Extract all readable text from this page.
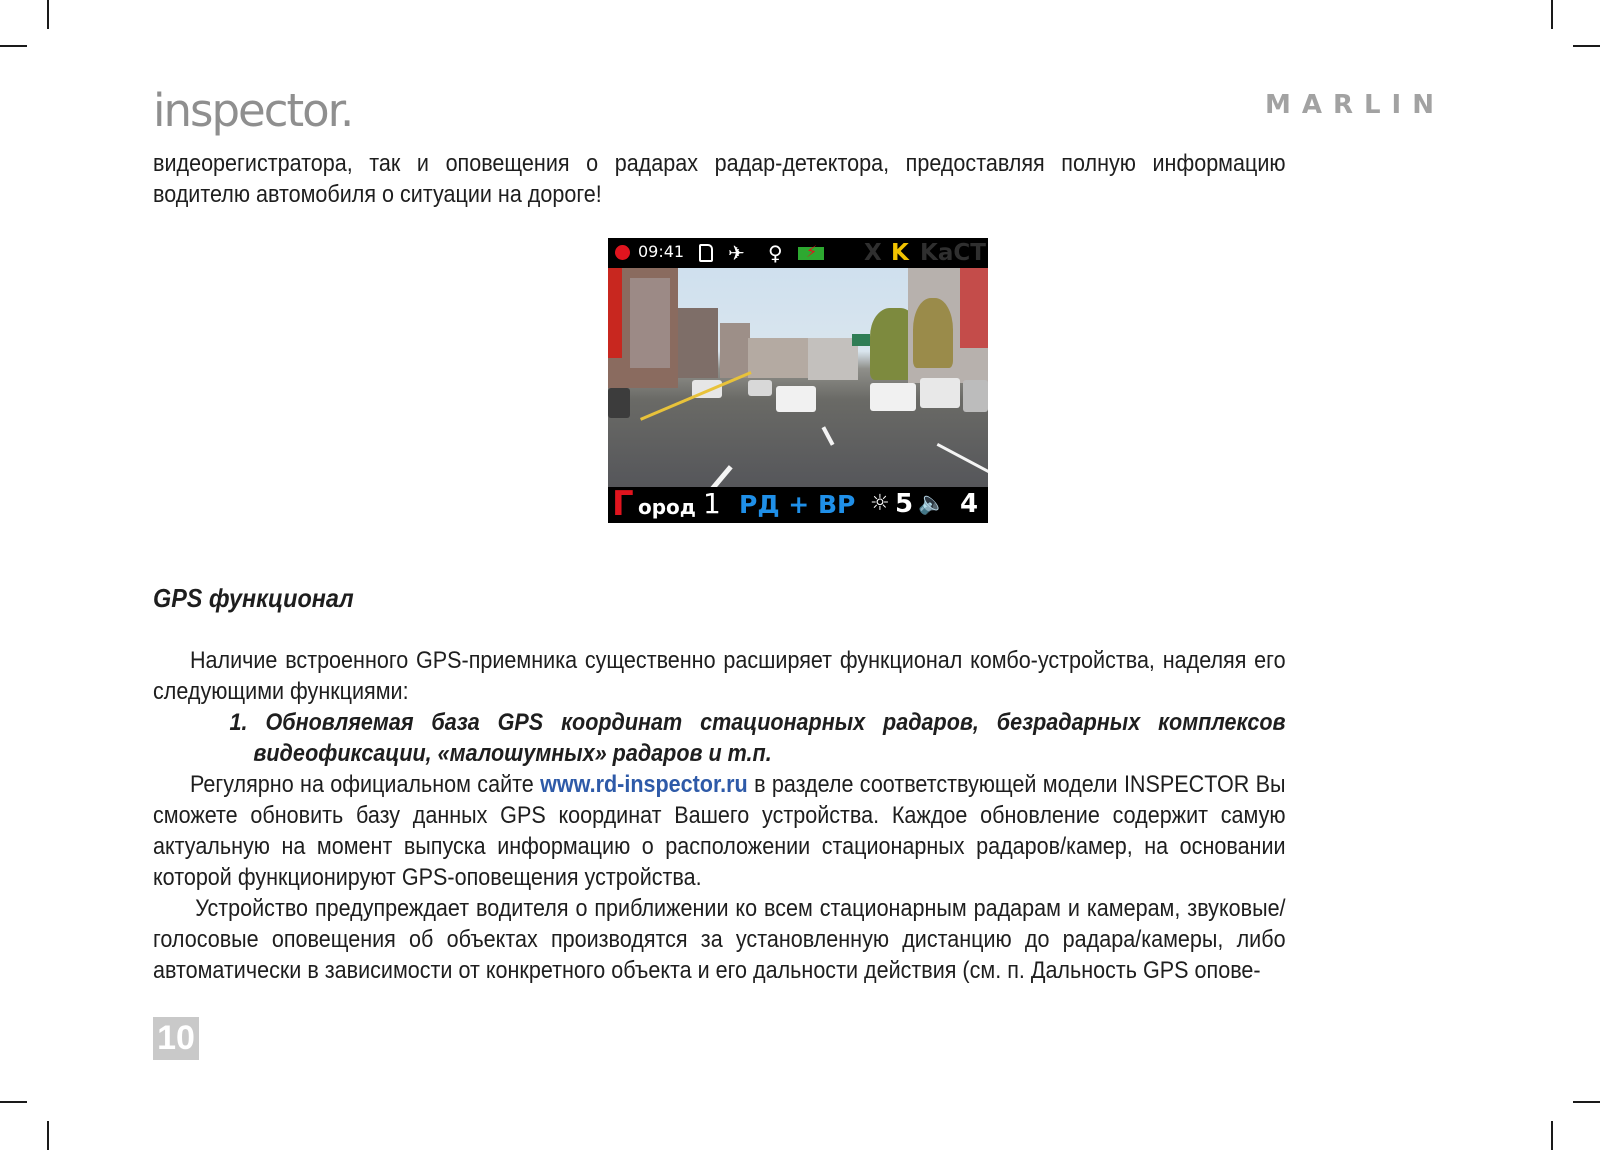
inspector.	MARLIN

видеорегистратора, так и оповещения о радарах радар-детектора, предоставляя полную информацию водителю автомобиля о ситуации на дороге!

09:41 ✈ ♀ ⚡ X K KaCT
Г ород 1 РД + ВР ☼ 5 🔈 4
GPS функционал

Наличие встроенного GPS-приемника существенно расширяет функционал комбо-устройства, наделяя его следующими функциями:

1. Обновляемая база GPS координат стационарных радаров, безрадарных комплексов видеофиксации, «малошумных» радаров и т.п.

Регулярно на официальном сайте www.rd-inspector.ru в разделе соответствующей модели INSPECTOR Вы сможете обновить базу данных GPS координат Вашего устройства. Каждое обновление содержит самую актуальную на момент выпуска информацию о расположении стационарных радаров/камер, на основании которой функционируют GPS-оповещения устройства.

Устройство предупреждает водителя о приближении ко всем стационарным радарам и камерам, звуковые/голосовые оповещения об объектах производятся за установленную дистанцию до радара/камеры, либо автоматически в зависимости от конкретного объекта и его дальности действия (см. п. Дальность GPS опове-

10
